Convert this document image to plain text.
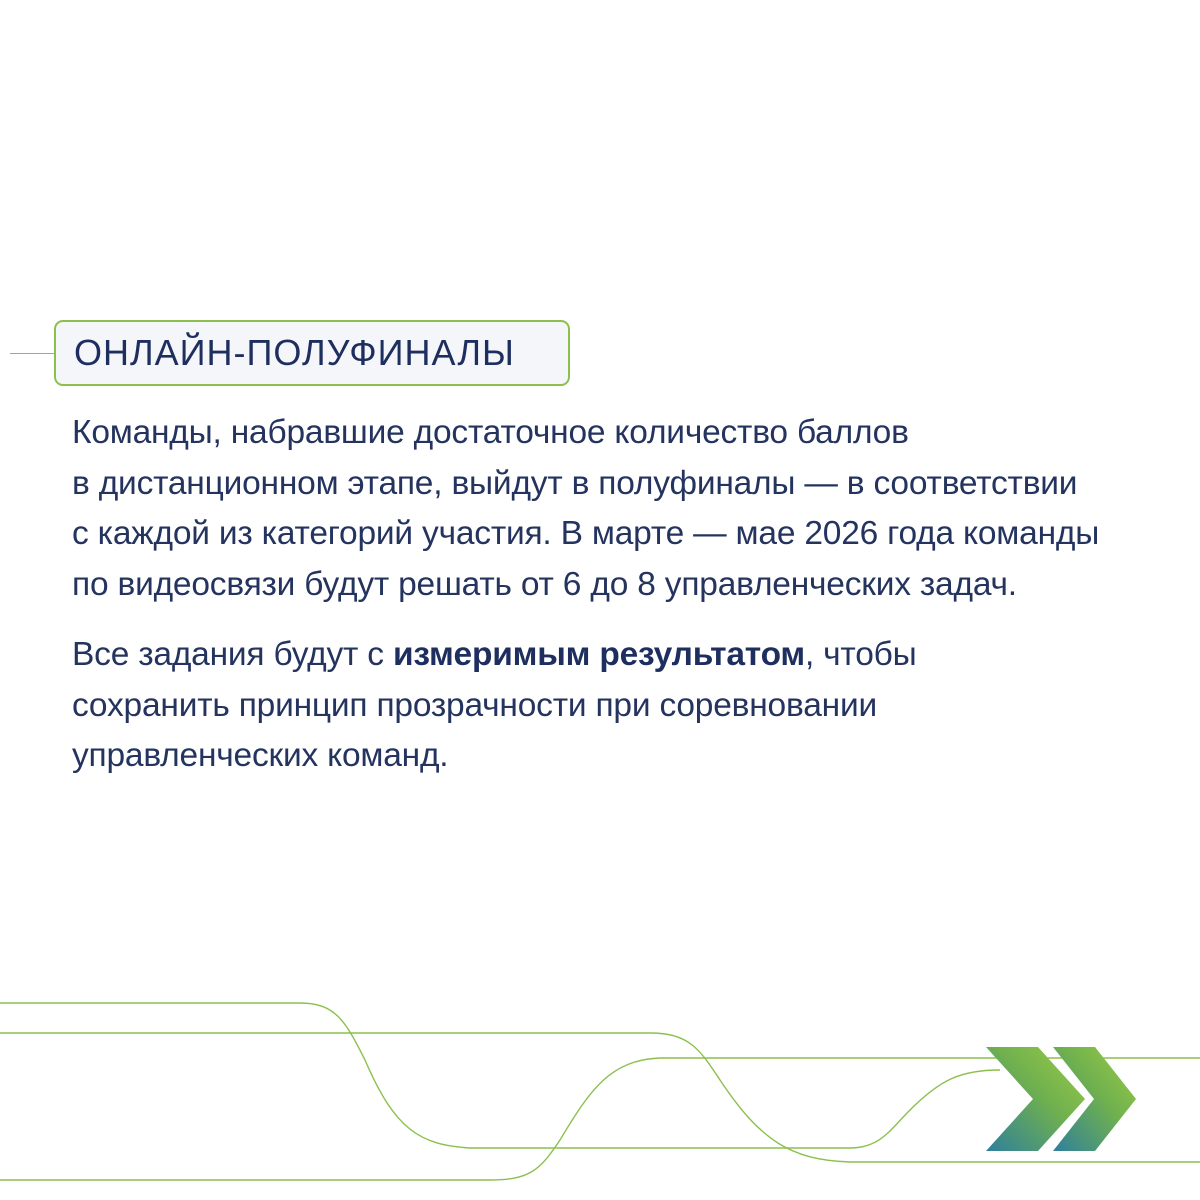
ОНЛАЙН-ПОЛУФИНАЛЫ

Команды, набравшие достаточное количество баллов
в дистанционном этапе, выйдут в полуфиналы — в соответствии
с каждой из категорий участия. В марте — мае 2026 года команды
по видеосвязи будут решать от 6 до 8 управленческих задач.

Все задания будут с измеримым результатом, чтобы
сохранить принцип прозрачности при соревновании
управленческих команд.
